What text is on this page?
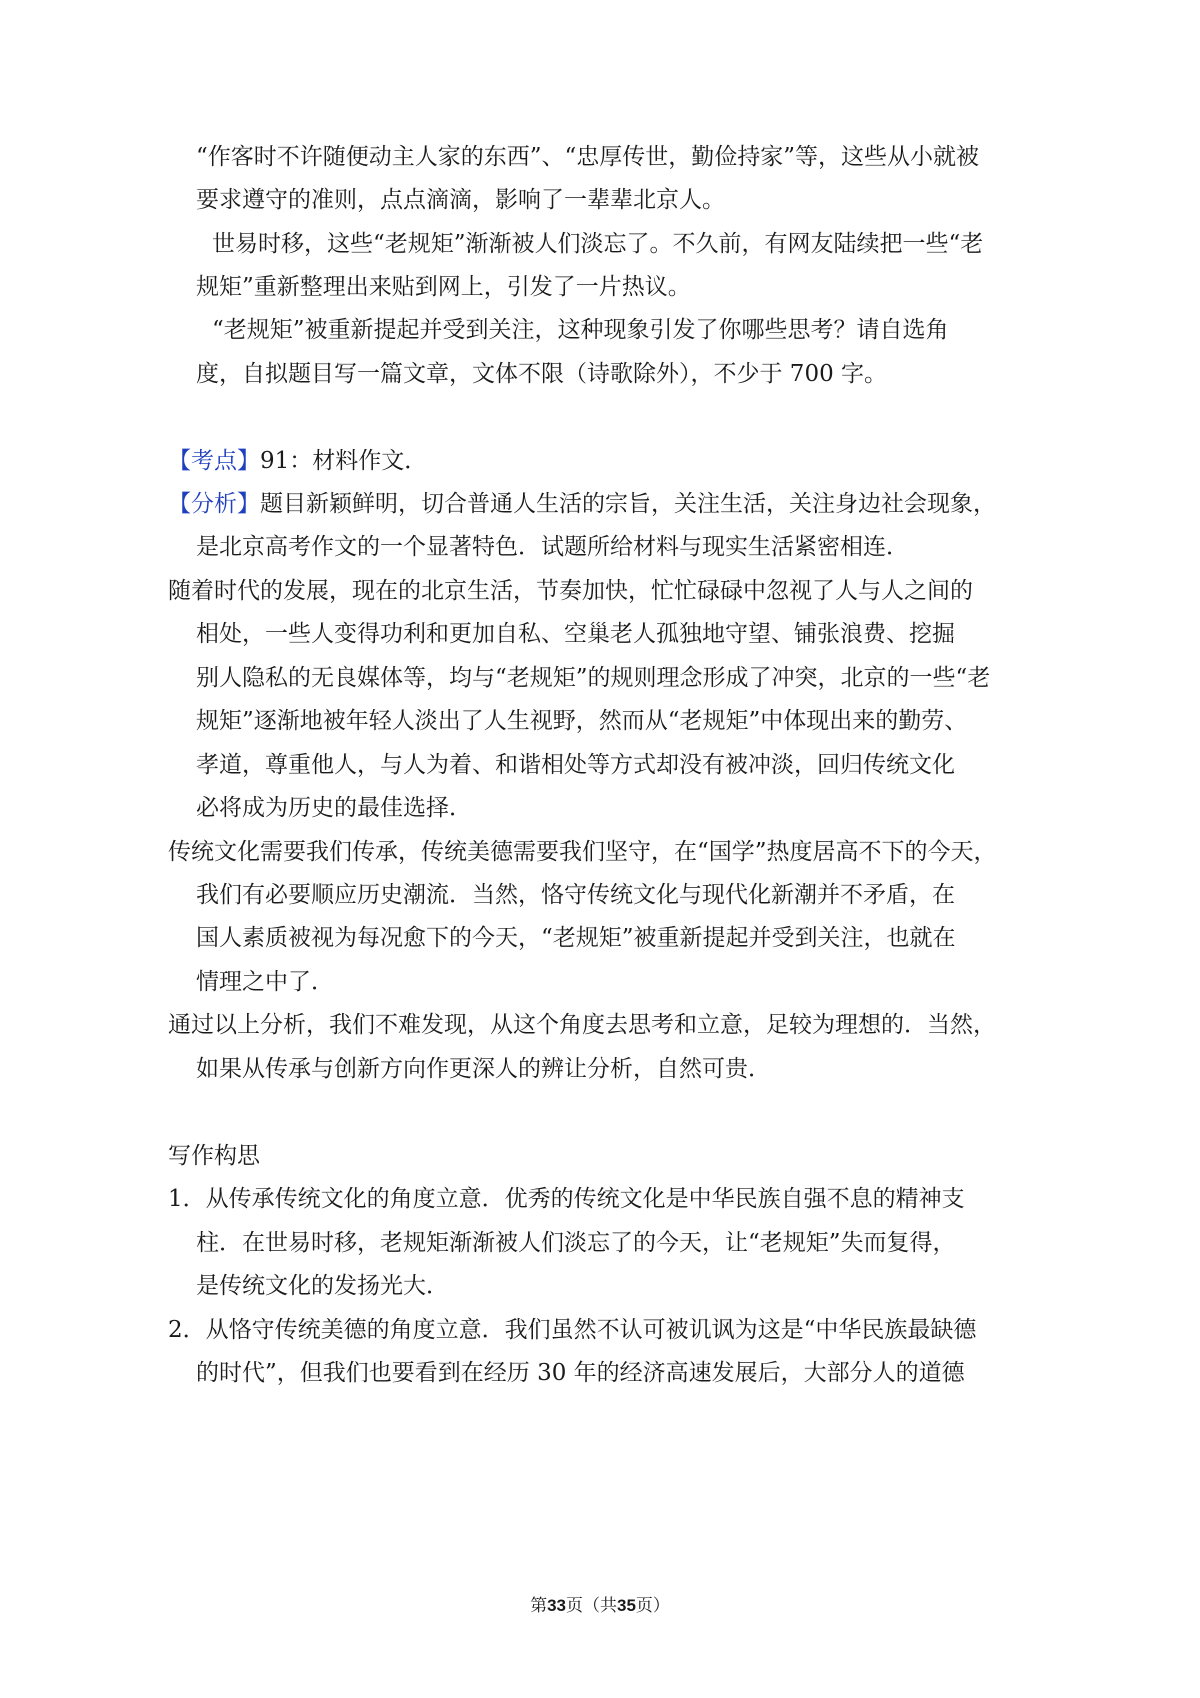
“作客时不许随便动主人家的东西”、“忠厚传世，勤俭持家”等，这些从小就被
要求遵守的准则，点点滴滴，影响了一辈辈北京人。
世易时移，这些“老规矩”渐渐被人们淡忘了。不久前，有网友陆续把一些“老
规矩”重新整理出来贴到网上，引发了一片热议。
“老规矩”被重新提起并受到关注，这种现象引发了你哪些思考？请自选角
度，自拟题目写一篇文章，文体不限（诗歌除外），不少于 700 字。
【考点】91：材料作文．
【分析】题目新颖鲜明，切合普通人生活的宗旨，关注生活，关注身边社会现象，
是北京高考作文的一个显著特色．试题所给材料与现实生活紧密相连．
随着时代的发展，现在的北京生活，节奏加快，忙忙碌碌中忽视了人与人之间的
相处，一些人变得功利和更加自私、空巢老人孤独地守望、铺张浪费、挖掘
别人隐私的无良媒体等，均与“老规矩”的规则理念形成了冲突，北京的一些“老
规矩”逐渐地被年轻人淡出了人生视野，然而从“老规矩”中体现出来的勤劳、
孝道，尊重他人，与人为着、和谐相处等方式却没有被冲淡，回归传统文化
必将成为历史的最佳选择．
传统文化需要我们传承，传统美德需要我们坚守，在“国学”热度居高不下的今天，
我们有必要顺应历史潮流．当然，恪守传统文化与现代化新潮并不矛盾，在
国人素质被视为每况愈下的今天，“老规矩”被重新提起并受到关注，也就在
情理之中了．
通过以上分析，我们不难发现，从这个角度去思考和立意，足较为理想的．当然，
如果从传承与创新方向作更深人的辨让分析，自然可贵．
写作构思
1．从传承传统文化的角度立意．优秀的传统文化是中华民族自强不息的精神支
柱．在世易时移，老规矩渐渐被人们淡忘了的今天，让“老规矩”失而复得，
是传统文化的发扬光大．
2．从恪守传统美德的角度立意．我们虽然不认可被讥讽为这是“中华民族最缺德
的时代”，但我们也要看到在经历 30 年的经济高速发展后，大部分人的道德
第33页（共35页）
